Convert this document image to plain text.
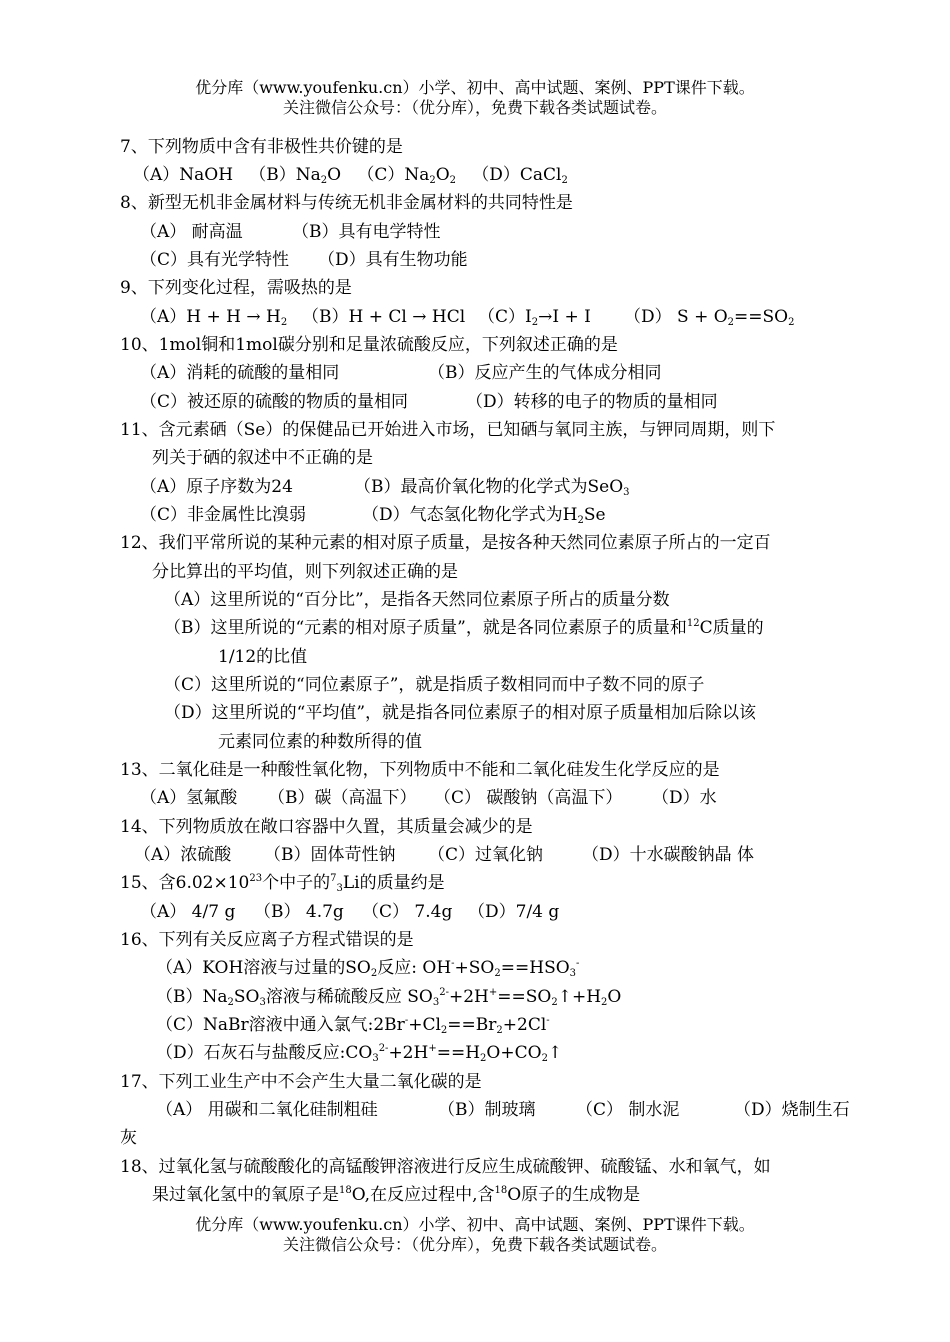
优分库（www.youfenku.cn）小学、初中、高中试题、案例、PPT课件下载。
关注微信公众号：（优分库），免费下载各类试题试卷。
7、下列物质中含有非极性共价键的是
（A）NaOH $(B)Na_2O$ $(C)Na_2O_2$ （D）CaCl$_2$
8、新型无机非金属材料与传统无机非金属材料的共同特性是
（A） 耐高温	（B）具有电学特性
（C）具有光学特性 （D）具有生物功能
9、下列变化过程，需吸热的是
$(A)H + H \to H_2$ （B）H + Cl → HCl $(C)I_2\to I + I$ （D） $S + O_2==SO_2$
10、1mol铜和1mol碳分别和足量浓硫酸反应，下列叙述正确的是
（A）消耗的硫酸的量相同	（B）反应产生的气体成分相同
（C）被还原的硫酸的物质的量相同	（D）转移的电子的物质的量相同
11、含元素硒（Se）的保健品已开始进入市场，已知硒与氧同主族，与钾同周期，则下
列关于硒的叙述中不正确的是
（A）原子序数为24	（B）最高价氧化物的化学式为SeO$_3$
（C）非金属性比溴弱	（D）气态氢化物化学式为$H_2Se$
12、我们平常所说的某种元素的相对原子质量，是按各种天然同位素原子所占的一定百
分比算出的平均值，则下列叙述正确的是
（A）这里所说的“百分比”，是指各天然同位素原子所占的质量分数
（B）这里所说的“元素的相对原子质量”，就是各同位素原子的质量和$^{12}$C质量的
1/12的比值
（C）这里所说的“同位素原子”，就是指质子数相同而中子数不同的原子
（D）这里所说的“平均值”，就是指各同位素原子的相对原子质量相加后除以该
元素同位素的种数所得的值
13、二氧化硅是一种酸性氧化物，下列物质中不能和二氧化硅发生化学反应的是
（A）氢氟酸 （B）碳（高温下） （C） 碳酸钠（高温下） （D）水
14、下列物质放在敞口容器中久置，其质量会减少的是
（A）浓硫酸 （B）固体苛性钠 （C）过氧化钠 （D）十水碳酸钠晶 体
15、含$6.02\times 10^{23}$个中子的$^7_3$Li的质量约是
（A） 4/7 g （B） 4.7g （C） 7.4g （D）7/4 g
16、下列有关反应离子方程式错误的是
（A）KOH溶液与过量的$SO_2$反应: $OH^-+SO_2==HSO_3^-$
$(B)Na_2SO_3$溶液与稀硫酸反应 $SO_3^{2-}+2H^+==SO_2↑+H_2O$
（C）NaBr溶液中通入氯气$:2Br^-+Cl_2==Br_2+2Cl^-$
（D）石灰石与盐酸反应$:CO_3^{2-}+2H^+==H_2O+CO_2↑$
17、下列工业生产中不会产生大量二氧化碳的是
（A） 用碳和二氧化硅制粗硅	（B）制玻璃 （C） 制水泥	（D）烧制生石
灰
18、过氧化氢与硫酸酸化的高锰酸钾溶液进行反应生成硫酸钾、硫酸锰、水和氧气，如
果过氧化氢中的氧原子是$^{18}$O,在反应过程中,含$^{18}$O原子的生成物是
优分库（www.youfenku.cn）小学、初中、高中试题、案例、PPT课件下载。
关注微信公众号：（优分库），免费下载各类试题试卷。
